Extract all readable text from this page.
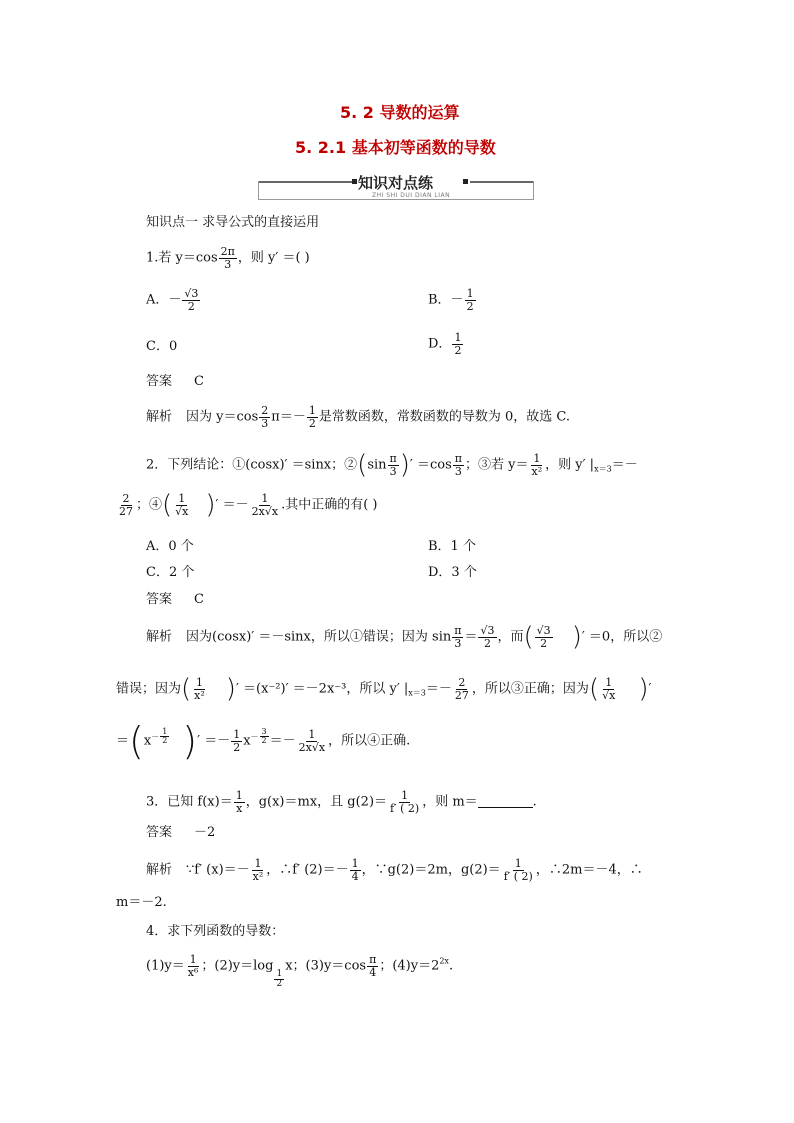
5. 2 导数的运算
5. 2.1 基本初等函数的导数
知识对点练
ZHI SHI DUI DIAN LIAN
知识点一 求导公式的直接运用
1.若 $y=\cos \frac{2\pi}{3}$ ，则 y′ ＝( )
A．－ $\frac{√3}{2}$	B．－ $\frac{1}{2}$
C．0	D． $\frac{1}{2}$
答案 C
解析 因为 $y=\cos \frac{2}{3} \pi=- \frac{1}{2}$ 是常数函数，常数函数的导数为 0，故选 C.
2．下列结论：①(cosx)′ ＝sinx；②(sin $\frac{\pi}{3}$ )′ $=\cos \frac{\pi}{3}$ ；③若 $y= \frac{1}{\text{x²}}$ ，则 y′ $|_{x=3}=-$
$\frac{2}{27}$ ；④( $\frac{1}{√x}$ )′ ＝－ $\frac{1}{2x√x}$ .其中正确的有( )
A．0 个	B．1 个
C．2 个	D．3 个
答案 C
解析 因为(cosx)′ ＝－sinx，所以①错误；因为 $\sin \frac{\pi}{3} = \frac{√3}{2}$ ，而( $\frac{√3}{2}$ )′ ＝0，所以②
错误；因为( $\frac{1}{\text{x²}}$ )′ ＝(x⁻²)′ ＝－2x⁻³，所以 y′ $|_{x=3}=- \frac{2}{27}$ ，所以③正确；因为( $\frac{1}{√x}$ )′
$=(x^{- \frac{1}{2}}$ )′ ＝－ $\frac{1}{2} x^{- \frac{3}{2}} =- \frac{1}{2x√x}$ ，所以④正确.
3．已知 $f(x)= \frac{1}{x}$ ，g(x)＝mx，且 $g(2)= \frac{1}{f' ( 2)}$ ，则 m＝	.
答案 －2
解析 ∵f′ $(x)=- \frac{1}{\text{x²}}$ ，∴f′ $(2)=- \frac{1}{4}$ ，∵g(2)＝2m，$g(2)= \frac{1}{f' ( 2)}$ ，∴2m＝－4，∴
m＝－2.
4．求下列函数的导数：
$(1)y= \frac{1}{\text{x⁶}}$ ；(2)y＝log
$\frac{1}{2}$
x；$(3)y=\cos \frac{\pi}{4}$ ；$(4)y=2^{2x}$.
